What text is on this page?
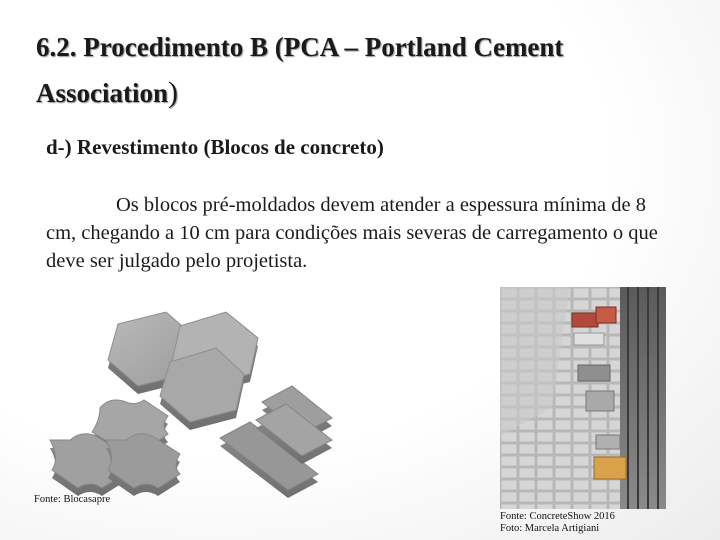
6.2. Procedimento B (PCA – Portland Cement Association)
d-) Revestimento (Blocos de concreto)
Os blocos pré-moldados devem atender a espessura mínima de 8 cm, chegando a 10 cm para condições mais severas de carregamento o que deve ser julgado pelo projetista.
Fonte: Blocasapre
Fonte: ConcreteShow 2016
Foto: Marcela Artigiani
